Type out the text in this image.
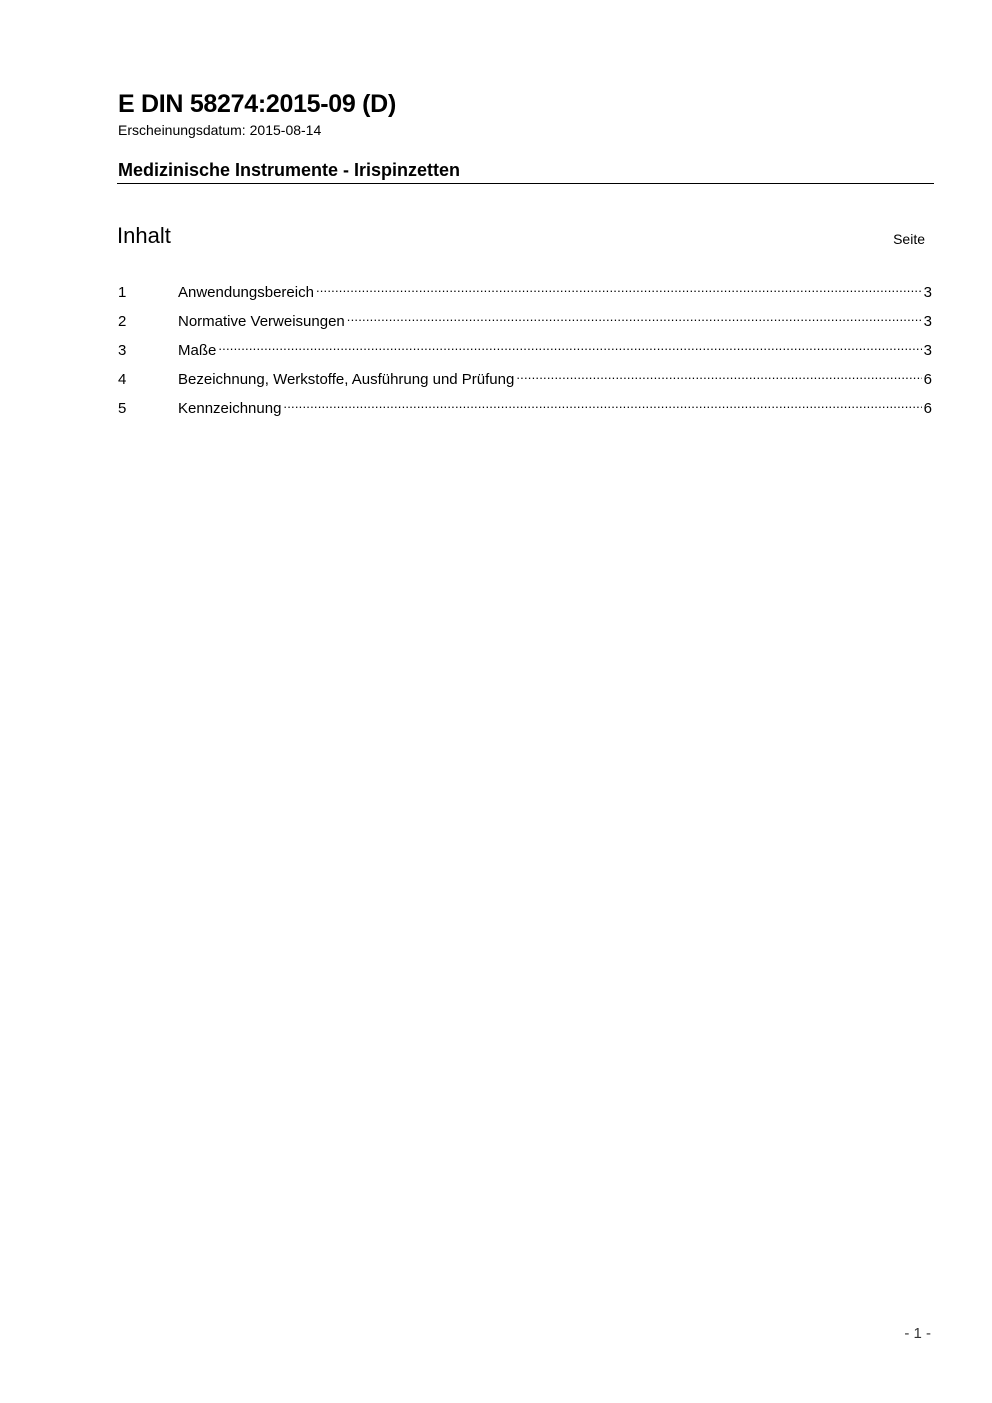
E DIN 58274:2015-09 (D)
Erscheinungsdatum: 2015-08-14
Medizinische Instrumente - Irispinzetten
Inhalt	Seite
1	Anwendungsbereich .....	3
2	Normative Verweisungen .....	3
3	Maße .....	3
4	Bezeichnung, Werkstoffe, Ausführung und Prüfung .....	6
5	Kennzeichnung .....	6
- 1 -
